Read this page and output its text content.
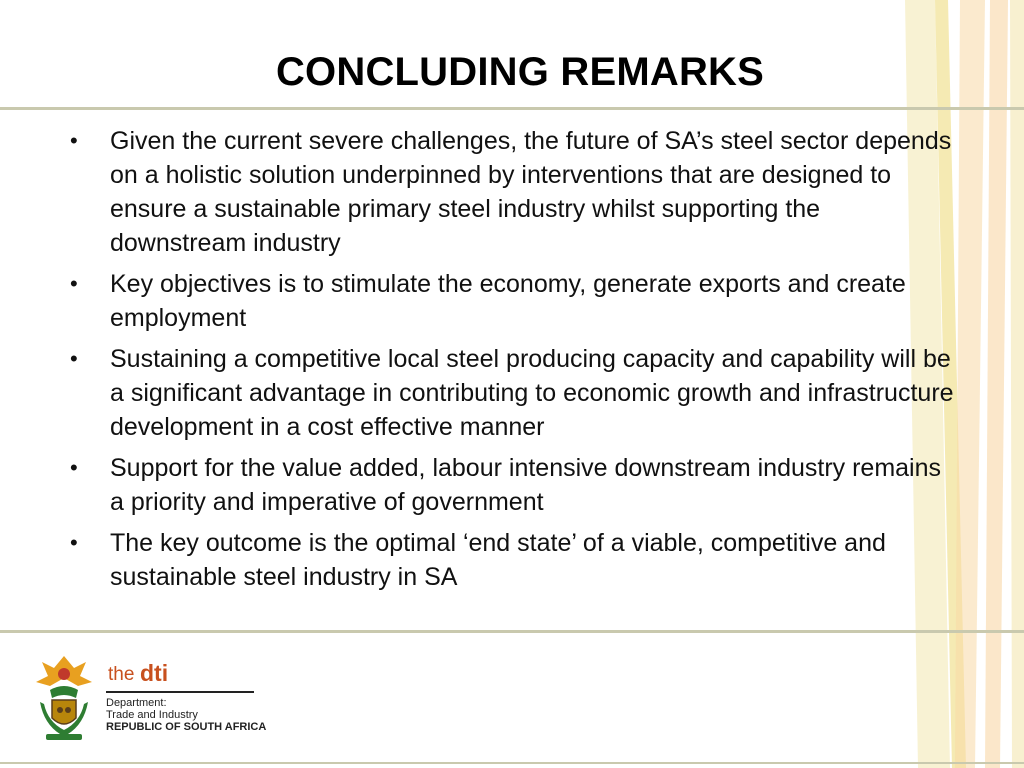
CONCLUDING REMARKS
• Given the current severe challenges, the future of SA’s steel sector depends on a holistic solution underpinned by interventions that are designed to ensure a sustainable primary steel industry whilst supporting the downstream industry
• Key objectives is to stimulate the economy, generate exports and create employment
• Sustaining a competitive local steel producing capacity and capability will be a significant advantage in contributing to economic growth and infrastructure development in a cost effective manner
• Support for the value added, labour intensive downstream industry remains a priority and imperative of government
• The key outcome is the optimal ‘end state’ of a viable, competitive and sustainable steel industry in SA
the dti
Department:
Trade and Industry
REPUBLIC OF SOUTH AFRICA
